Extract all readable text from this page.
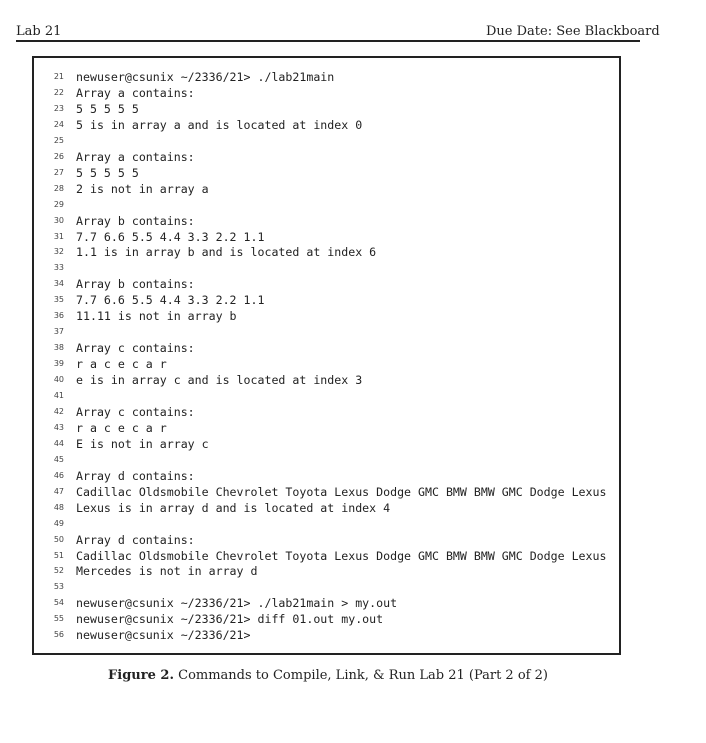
Lab 21	Due Date: See Blackboard
21 newuser@csunix ~/2336/21> ./lab21main
22 Array a contains:
23 5 5 5 5 5
24 5 is in array a and is located at index 0
25
26 Array a contains:
27 5 5 5 5 5
28 2 is not in array a
29
30 Array b contains:
31 7.7 6.6 5.5 4.4 3.3 2.2 1.1
32 1.1 is in array b and is located at index 6
33
34 Array b contains:
35 7.7 6.6 5.5 4.4 3.3 2.2 1.1
36 11.11 is not in array b
37
38 Array c contains:
39 r a c e c a r
40 e is in array c and is located at index 3
41
42 Array c contains:
43 r a c e c a r
44 E is not in array c
45
46 Array d contains:
47 Cadillac Oldsmobile Chevrolet Toyota Lexus Dodge GMC BMW BMW GMC Dodge Lexus
48 Lexus is in array d and is located at index 4
49
50 Array d contains:
51 Cadillac Oldsmobile Chevrolet Toyota Lexus Dodge GMC BMW BMW GMC Dodge Lexus
52 Mercedes is not in array d
53
54 newuser@csunix ~/2336/21> ./lab21main > my.out
55 newuser@csunix ~/2336/21> diff 01.out my.out
56 newuser@csunix ~/2336/21>
Figure 2. Commands to Compile, Link, & Run Lab 21 (Part 2 of 2)
